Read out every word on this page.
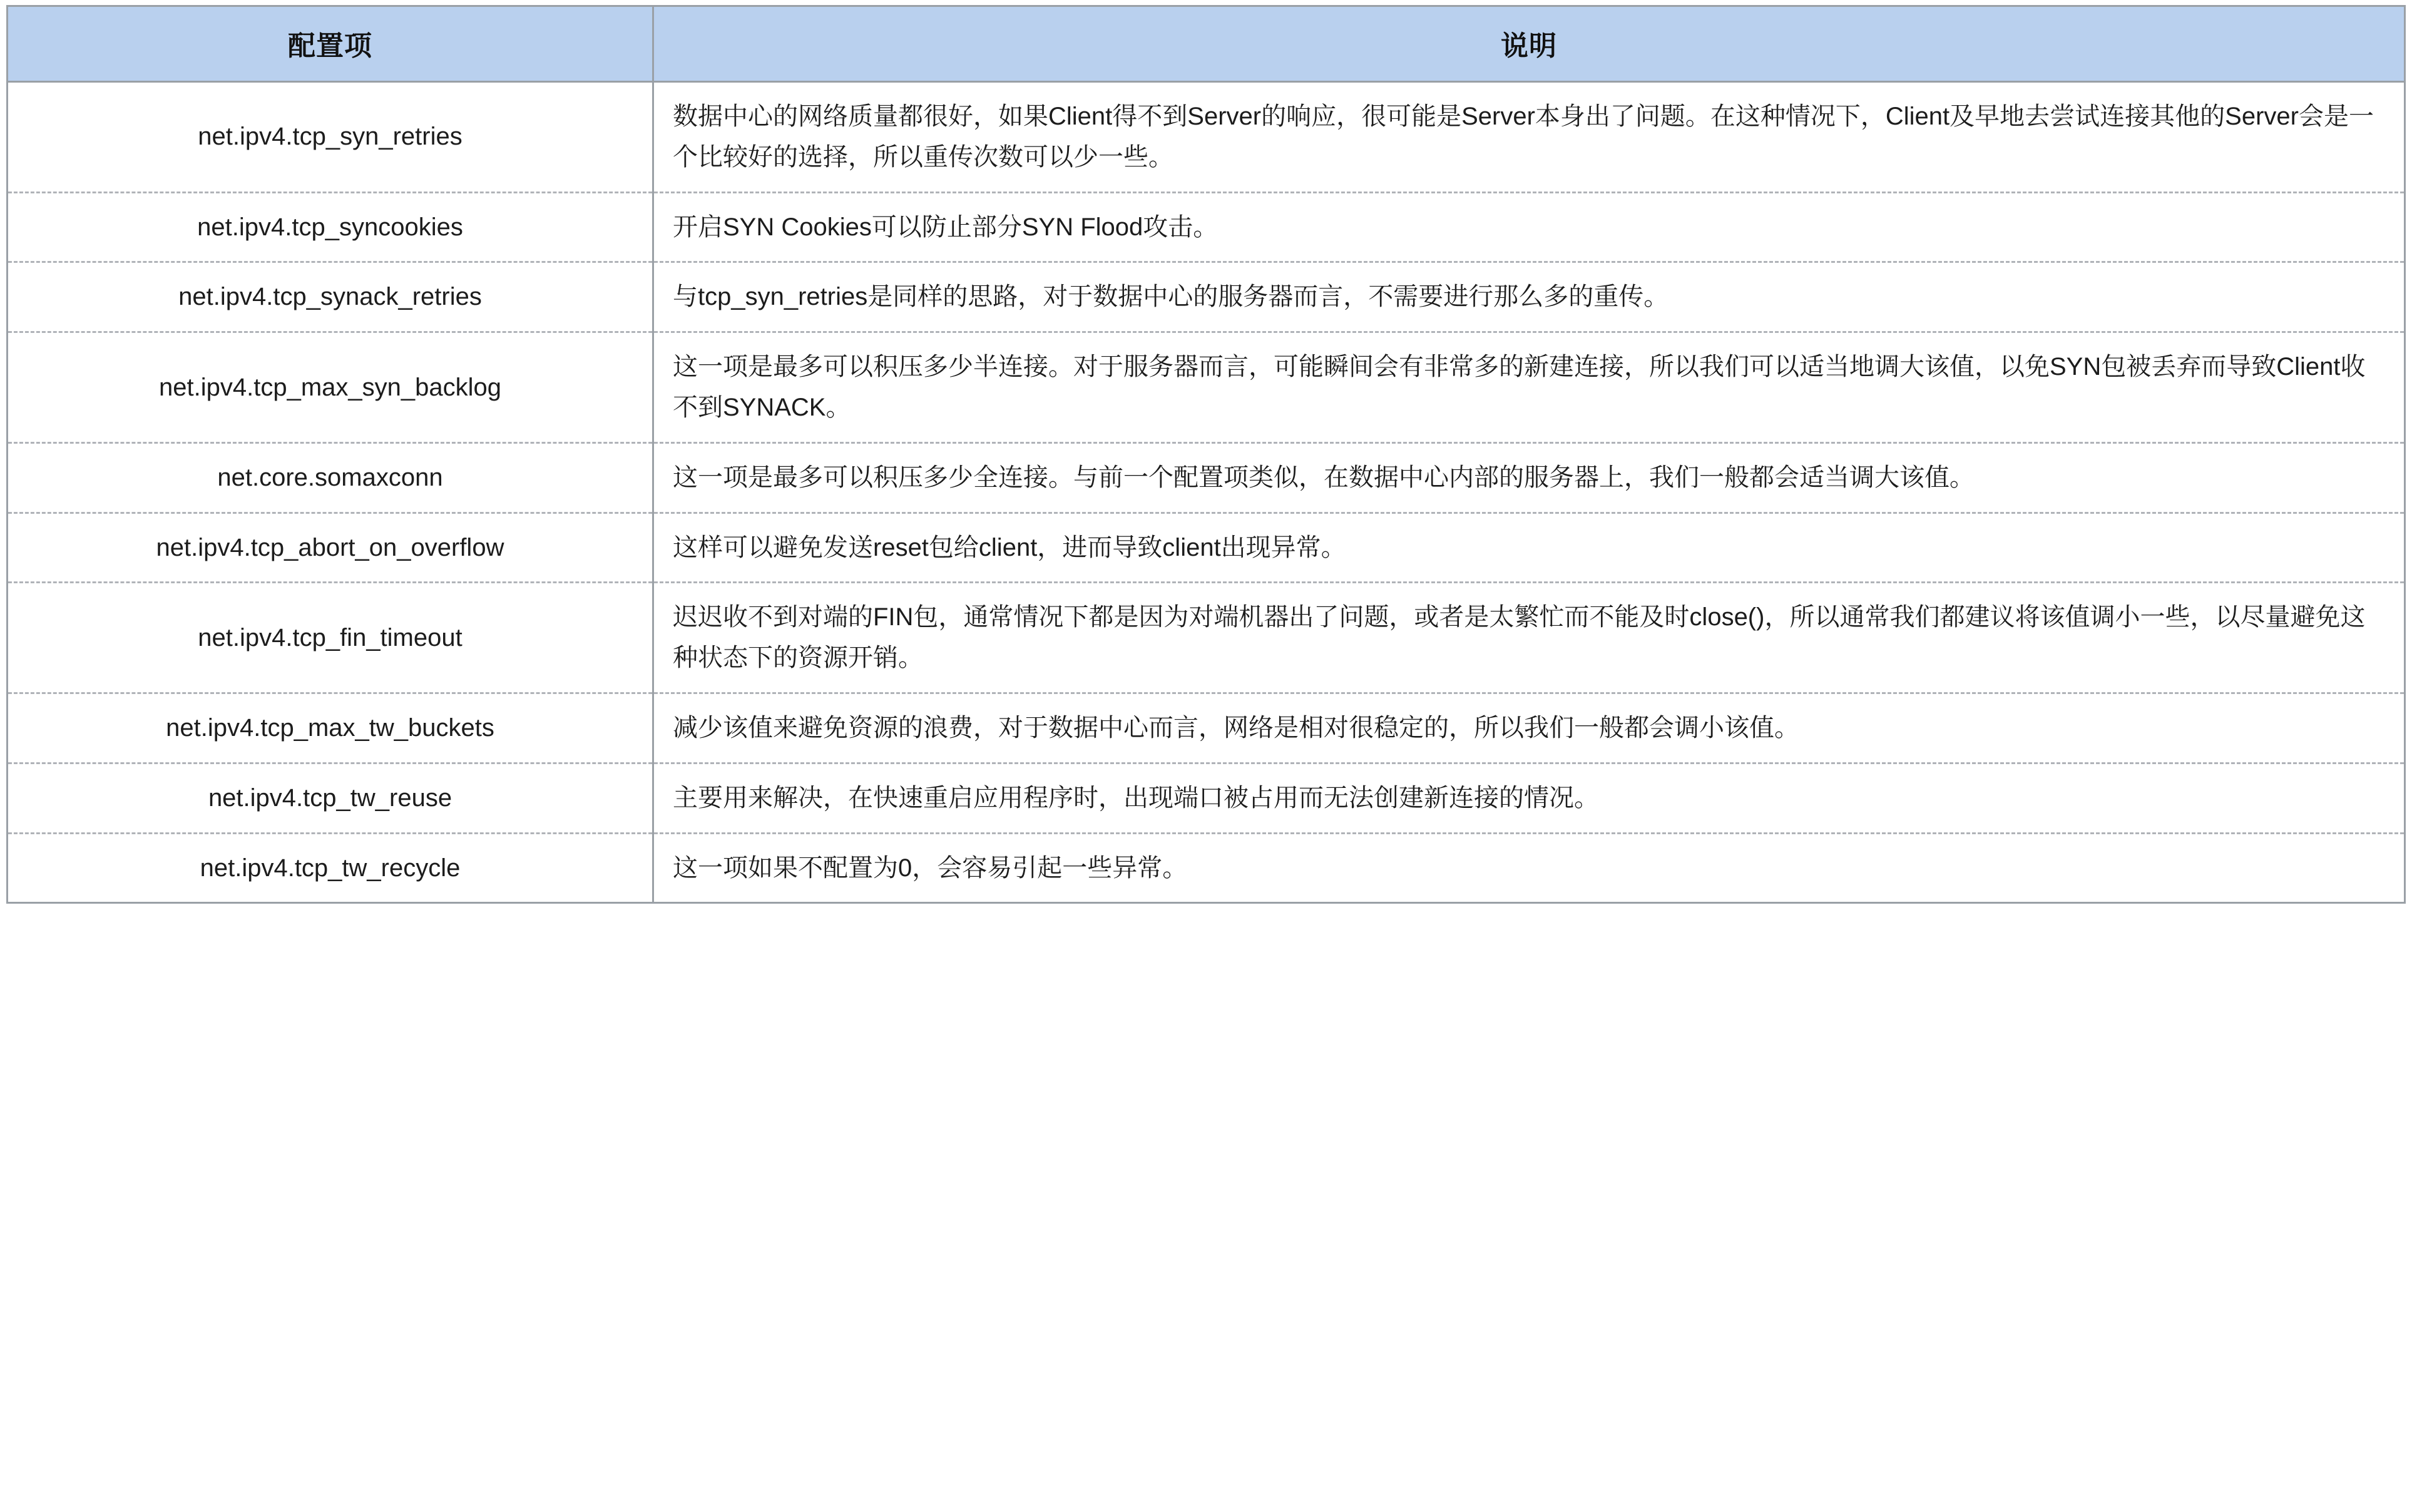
配置项	说明
net.ipv4.tcp_syn_retries	数据中心的网络质量都很好，如果Client得不到Server的响应，很可能是Server本身出了问题。在这种情况下，Client及早地去尝试连接其他的Server会是一个比较好的选择，所以重传次数可以少一些。

net.ipv4.tcp_syncookies	开启SYN Cookies可以防止部分SYN Flood攻击。

net.ipv4.tcp_synack_retries	与tcp_syn_retries是同样的思路，对于数据中心的服务器而言，不需要进行那么多的重传。

net.ipv4.tcp_max_syn_backlog	这一项是最多可以积压多少半连接。对于服务器而言，可能瞬间会有非常多的新建连接，所以我们可以适当地调大该值，以免SYN包被丢弃而导致Client收不到SYNACK。

net.core.somaxconn	这一项是最多可以积压多少全连接。与前一个配置项类似，在数据中心内部的服务器上，我们一般都会适当调大该值。

net.ipv4.tcp_abort_on_overflow	这样可以避免发送reset包给client，进而导致client出现异常。

net.ipv4.tcp_fin_timeout	迟迟收不到对端的FIN包，通常情况下都是因为对端机器出了问题，或者是太繁忙而不能及时close()，所以通常我们都建议将该值调小一些，以尽量避免这种状态下的资源开销。

net.ipv4.tcp_max_tw_buckets	减少该值来避免资源的浪费，对于数据中心而言，网络是相对很稳定的，所以我们一般都会调小该值。

net.ipv4.tcp_tw_reuse	主要用来解决，在快速重启应用程序时，出现端口被占用而无法创建新连接的情况。

net.ipv4.tcp_tw_recycle	这一项如果不配置为0，会容易引起一些异常。
